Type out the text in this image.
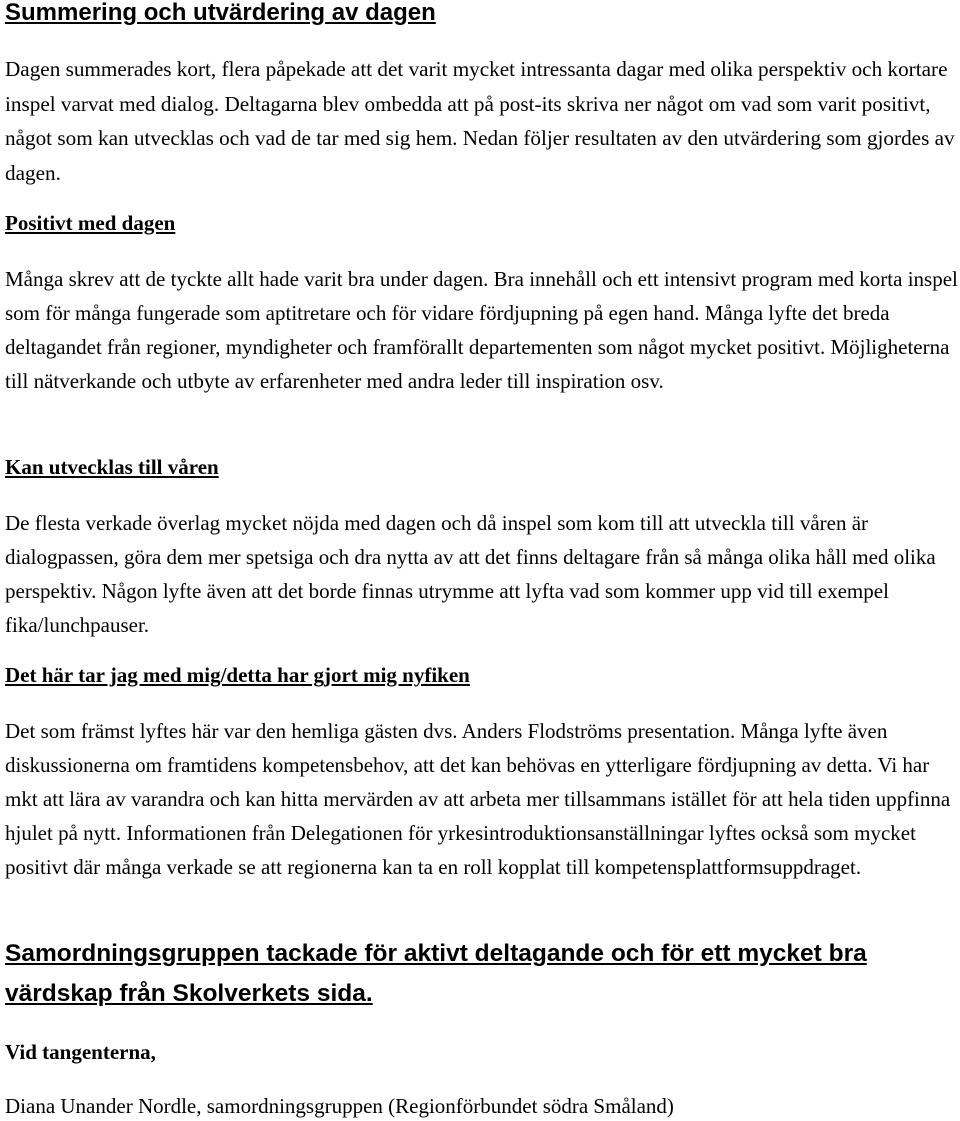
Summering och utvärdering av dagen

Dagen summerades kort, flera påpekade att det varit mycket intressanta dagar med olika perspektiv och kortare inspel varvat med dialog. Deltagarna blev ombedda att på post-its skriva ner något om vad som varit positivt, något som kan utvecklas och vad de tar med sig hem. Nedan följer resultaten av den utvärdering som gjordes av dagen.

Positivt med dagen

Många skrev att de tyckte allt hade varit bra under dagen. Bra innehåll och ett intensivt program med korta inspel som för många fungerade som aptitretare och för vidare fördjupning på egen hand. Många lyfte det breda deltagandet från regioner, myndigheter och framförallt departementen som något mycket positivt. Möjligheterna till nätverkande och utbyte av erfarenheter med andra leder till inspiration osv.

Kan utvecklas till våren

De flesta verkade överlag mycket nöjda med dagen och då inspel som kom till att utveckla till våren är dialogpassen, göra dem mer spetsiga och dra nytta av att det finns deltagare från så många olika håll med olika perspektiv. Någon lyfte även att det borde finnas utrymme att lyfta vad som kommer upp vid till exempel fika/lunchpauser.

Det här tar jag med mig/detta har gjort mig nyfiken

Det som främst lyftes här var den hemliga gästen dvs. Anders Flodströms presentation. Många lyfte även diskussionerna om framtidens kompetensbehov, att det kan behövas en ytterligare fördjupning av detta. Vi har mkt att lära av varandra och kan hitta mervärden av att arbeta mer tillsammans istället för att hela tiden uppfinna hjulet på nytt. Informationen från Delegationen för yrkesintroduktionsanställningar lyftes också som mycket positivt där många verkade se att regionerna kan ta en roll kopplat till kompetensplattformsuppdraget.

Samordningsgruppen tackade för aktivt deltagande och för ett mycket bra värdskap från Skolverkets sida.

Vid tangenterna,

Diana Unander Nordle, samordningsgruppen (Regionförbundet södra Småland)
